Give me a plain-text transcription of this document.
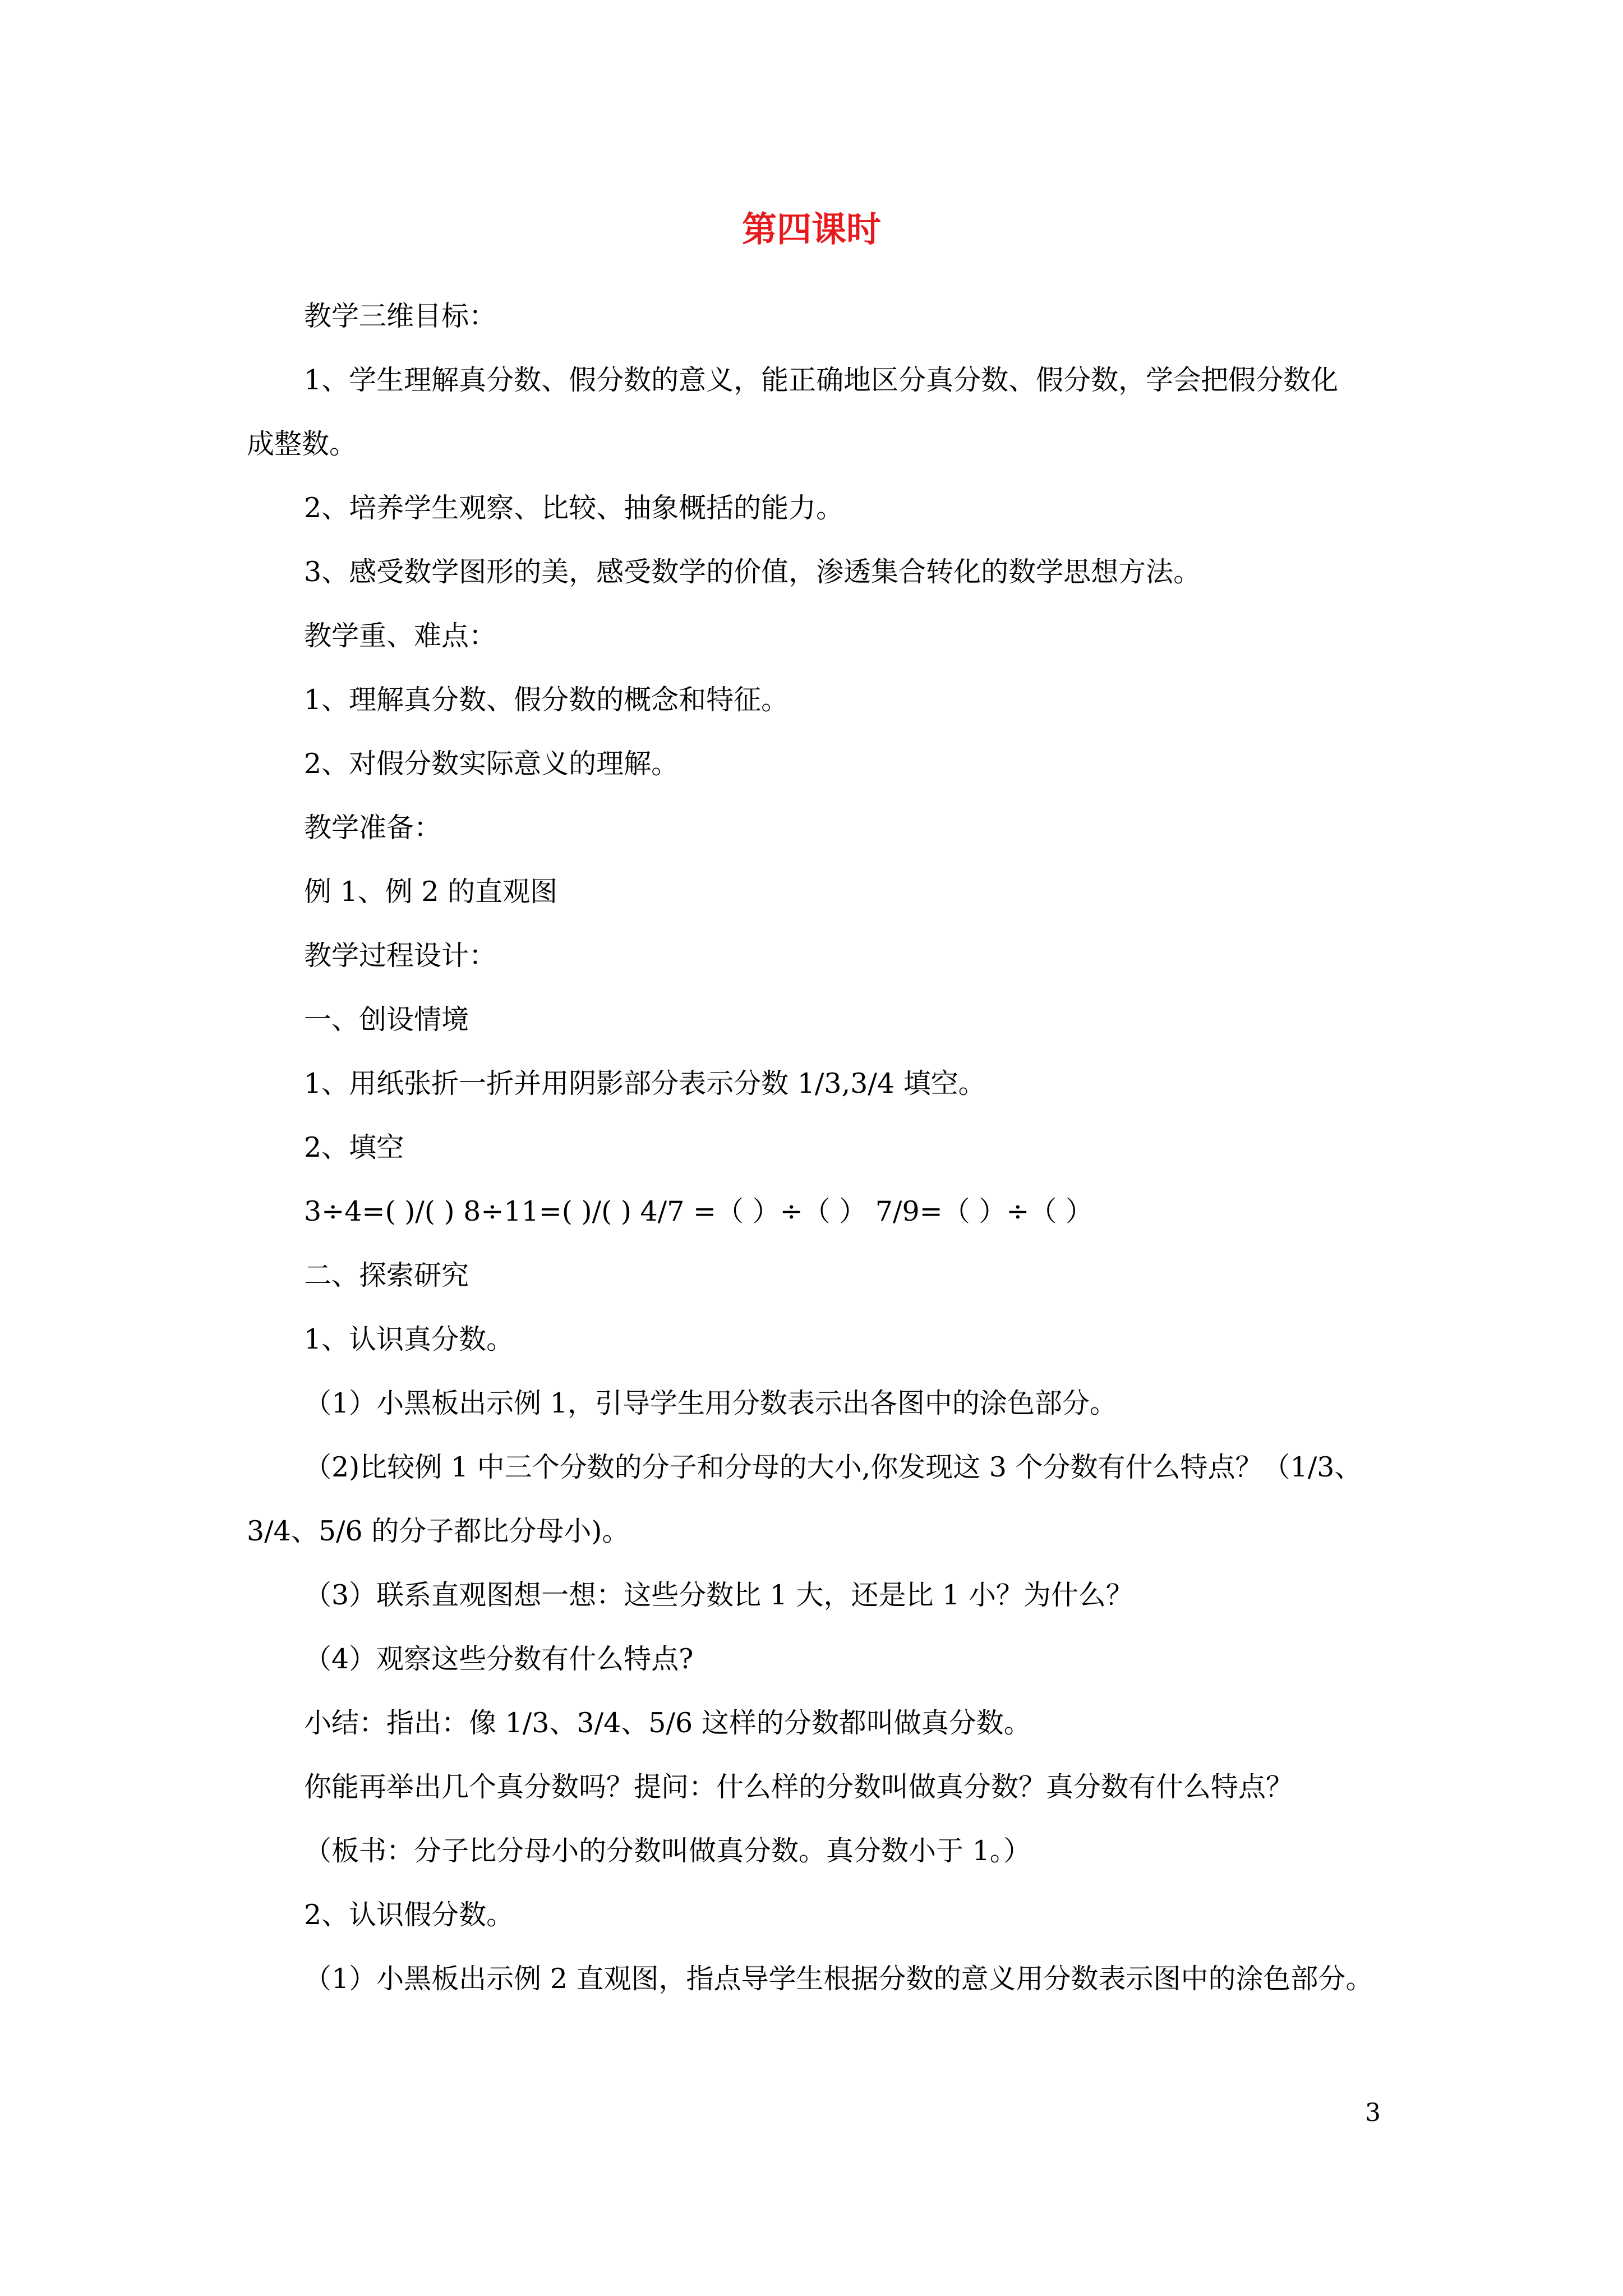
第四课时
教学三维目标：
1、学生理解真分数、假分数的意义，能正确地区分真分数、假分数，学会把假分数化
成整数。
2、培养学生观察、比较、抽象概括的能力。
3、感受数学图形的美，感受数学的价值，渗透集合转化的数学思想方法。
教学重、难点：
1、理解真分数、假分数的概念和特征。
2、对假分数实际意义的理解。
教学准备：
例 1、例 2 的直观图
教学过程设计：
一、创设情境
1、用纸张折一折并用阴影部分表示分数 1/3,3/4 填空。
2、填空
3÷4=( )/( ) 8÷11=( )/( ) 4/7 =（ ）÷（ ） 7/9=（ ）÷（ ）
二、探索研究
1、认识真分数。
（1）小黑板出示例 1，引导学生用分数表示出各图中的涂色部分。
（2)比较例 1 中三个分数的分子和分母的大小,你发现这 3 个分数有什么特点？（1/3、
3/4、5/6 的分子都比分母小)。
（3）联系直观图想一想：这些分数比 1 大，还是比 1 小？为什么？
（4）观察这些分数有什么特点?
小结：指出：像 1/3、3/4、5/6 这样的分数都叫做真分数。
你能再举出几个真分数吗？提问：什么样的分数叫做真分数？真分数有什么特点？
（板书：分子比分母小的分数叫做真分数。真分数小于 1。）
2、认识假分数。
（1）小黑板出示例 2 直观图，指点导学生根据分数的意义用分数表示图中的涂色部分。
3
